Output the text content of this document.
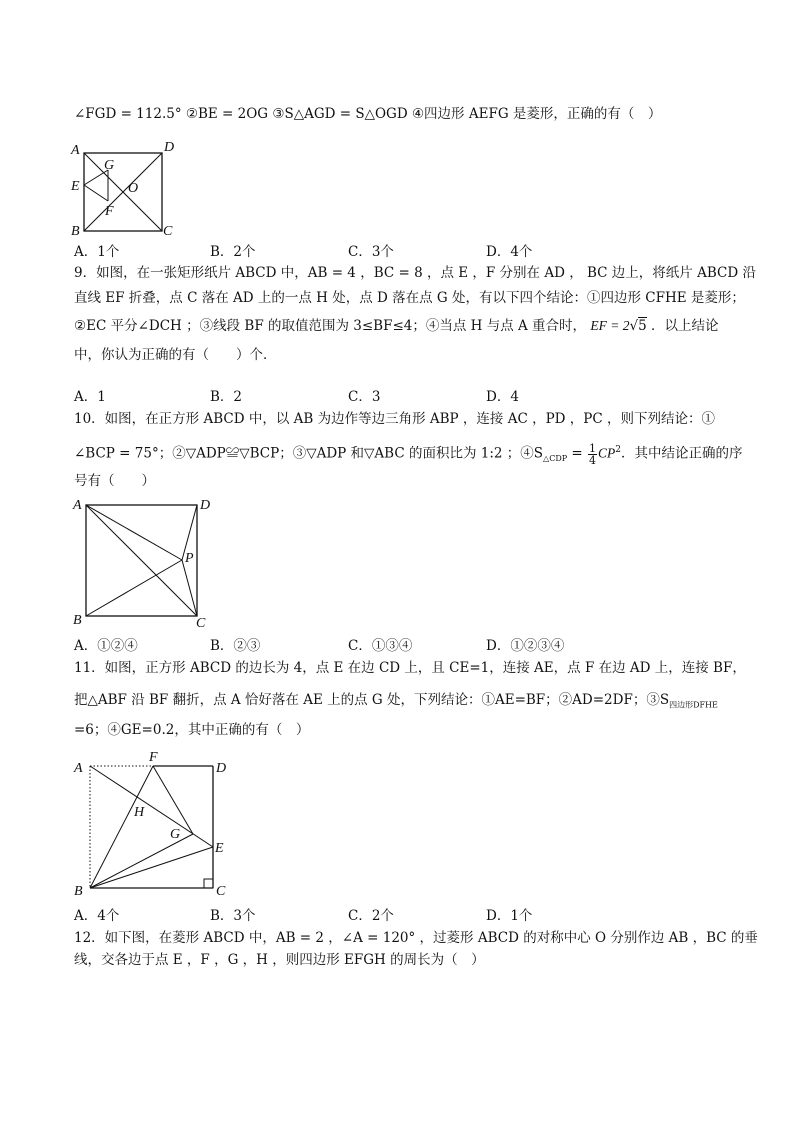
∠FGD = 112.5° ②BE = 2OG ③S△AGD = S△OGD ④四边形 AEFG 是菱形，正确的有（　）
A	D
G
E	O
F
B	C
A．1个	B．2个	C．3个	D．4个
9．如图，在一张矩形纸片 ABCD 中，AB = 4 ，BC = 8 ，点 E ，F 分别在 AD ， BC 边上，将纸片 ABCD 沿
直线 EF 折叠，点 C 落在 AD 上的一点 H 处，点 D 落在点 G 处，有以下四个结论：①四边形 CFHE 是菱形；
②EC 平分∠DCH ；③线段 BF 的取值范围为 3≤BF≤4；④当点 H 与点 A 重合时， EF = 2√5 ．以上结论
中，你认为正确的有（　　）个．
A．1	B．2	C．3	D．4
10．如图，在正方形 ABCD 中，以 AB 为边作等边三角形 ABP ，连接 AC ，PD ，PC ，则下列结论：①
∠BCP = 75°；②▽ADP≌▽BCP；③▽ADP 和▽ABC 的面积比为 1:2 ；$④S_{\triangle CDP} = \frac{1}{4} CP^2$．其中结论正确的序
号有（　　）
A	D
P
B	C
A．①②④	B．②③	C．①③④	D．①②③④
11．如图，正方形 ABCD 的边长为 4，点 E 在边 CD 上，且 CE=1，连接 AE，点 F 在边 AD 上，连接 BF，
把△ABF 沿 BF 翻折，点 A 恰好落在 AE 上的点 G 处，下列结论：①AE=BF；②AD=2DF；$③S_{四边形DFHE}$
=6；④GE=0.2，其中正确的有（　）
A
F
D
H
G
E
B	C
A．4个	B．3个	C．2个	D．1个
12．如下图，在菱形 ABCD 中，AB = 2 ，∠A = 120° ，过菱形 ABCD 的对称中心 O 分别作边 AB ，BC 的垂
线，交各边于点 E ，F ，G ，H ，则四边形 EFGH 的周长为（　）
